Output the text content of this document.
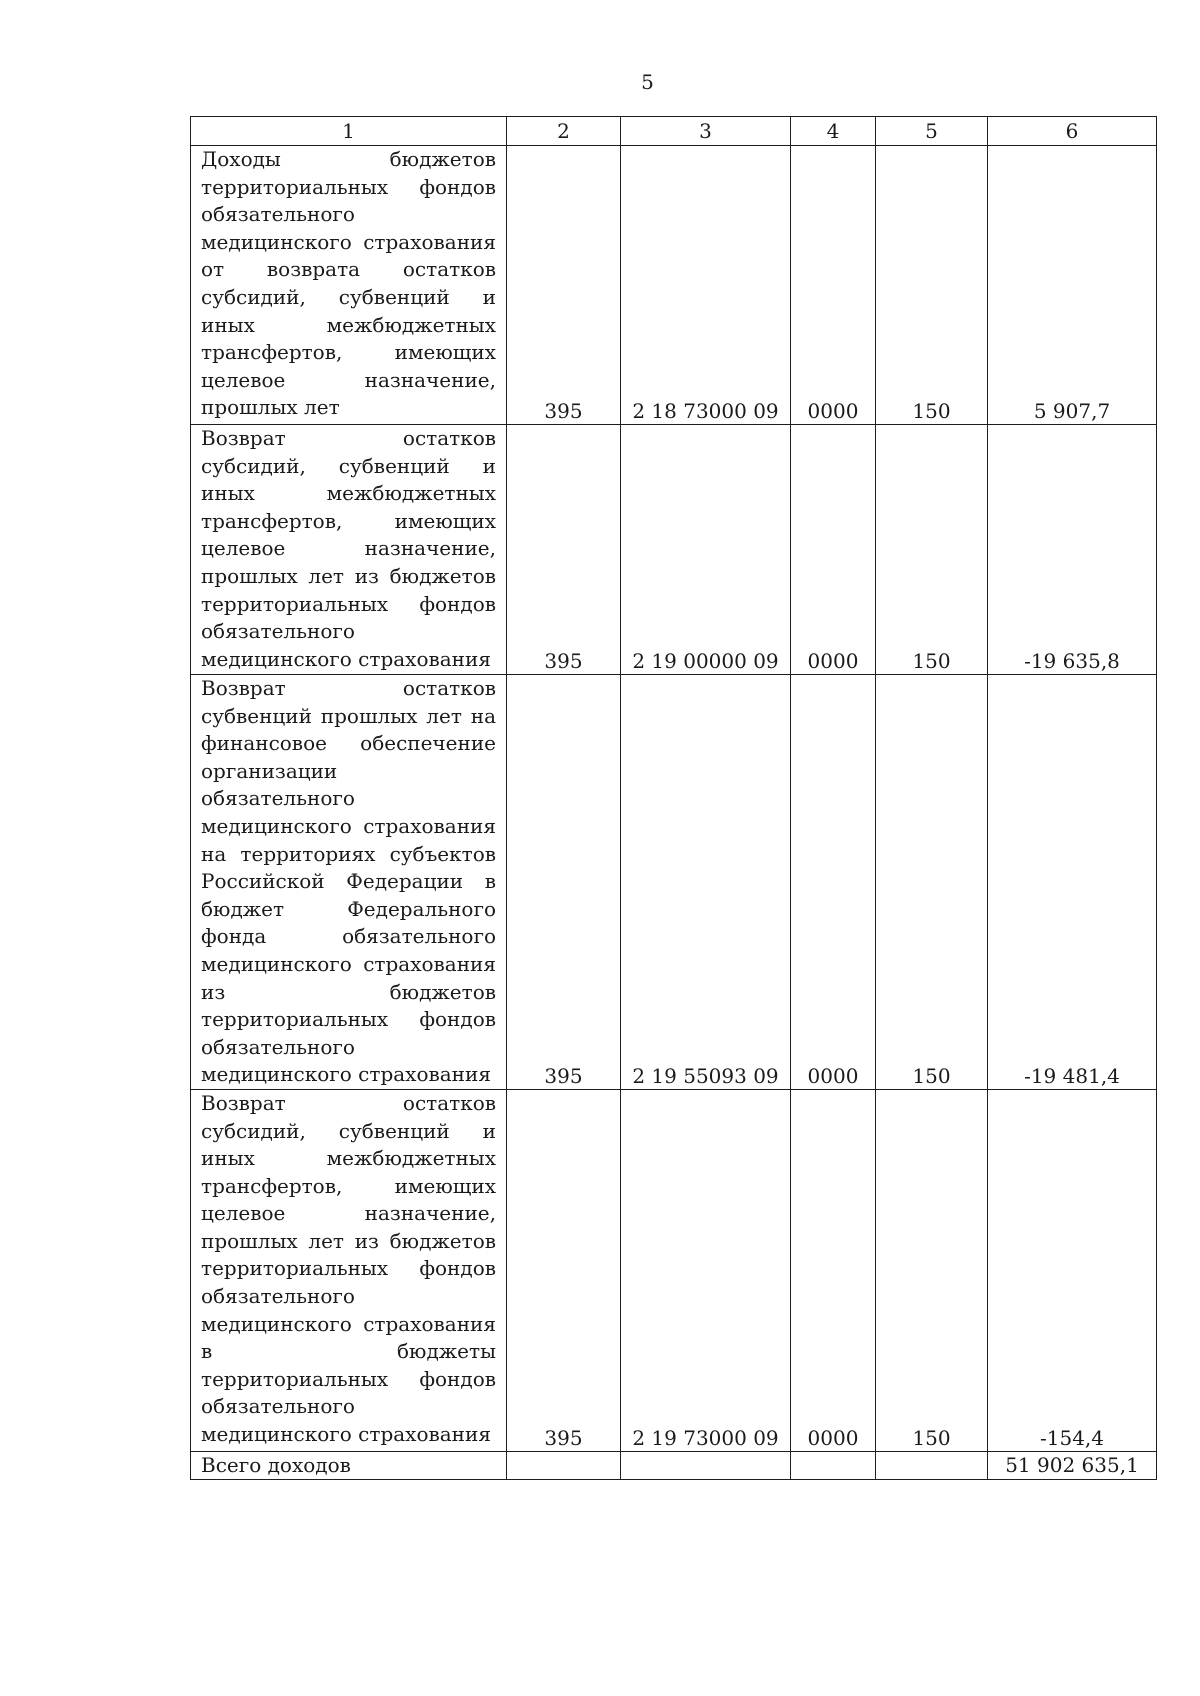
5
1	2	3	4	5	6
Доходы бюджетов территориальных фондов обязательного медицинского страхования от возврата остатков субсидий, субвенций и иных межбюджетных трансфертов, имеющих целевое назначение, прошлых лет	395	2 18 73000 09	0000	150	5 907,7
Возврат остатков субсидий, субвенций и иных межбюджетных трансфертов, имеющих целевое назначение, прошлых лет из бюджетов территориальных фондов обязательного медицинского страхования	395	2 19 00000 09	0000	150	-19 635,8
Возврат остатков субвенций прошлых лет на финансовое обеспечение организации обязательного медицинского страхования на территориях субъектов Российской Федерации в бюджет Федерального фонда обязательного медицинского страхования из бюджетов территориальных фондов обязательного медицинского страхования	395	2 19 55093 09	0000	150	-19 481,4
Возврат остатков субсидий, субвенций и иных межбюджетных трансфертов, имеющих целевое назначение, прошлых лет из бюджетов территориальных фондов обязательного медицинского страхования в бюджеты территориальных фондов обязательного медицинского страхования	395	2 19 73000 09	0000	150	-154,4
Всего доходов					51 902 635,1
